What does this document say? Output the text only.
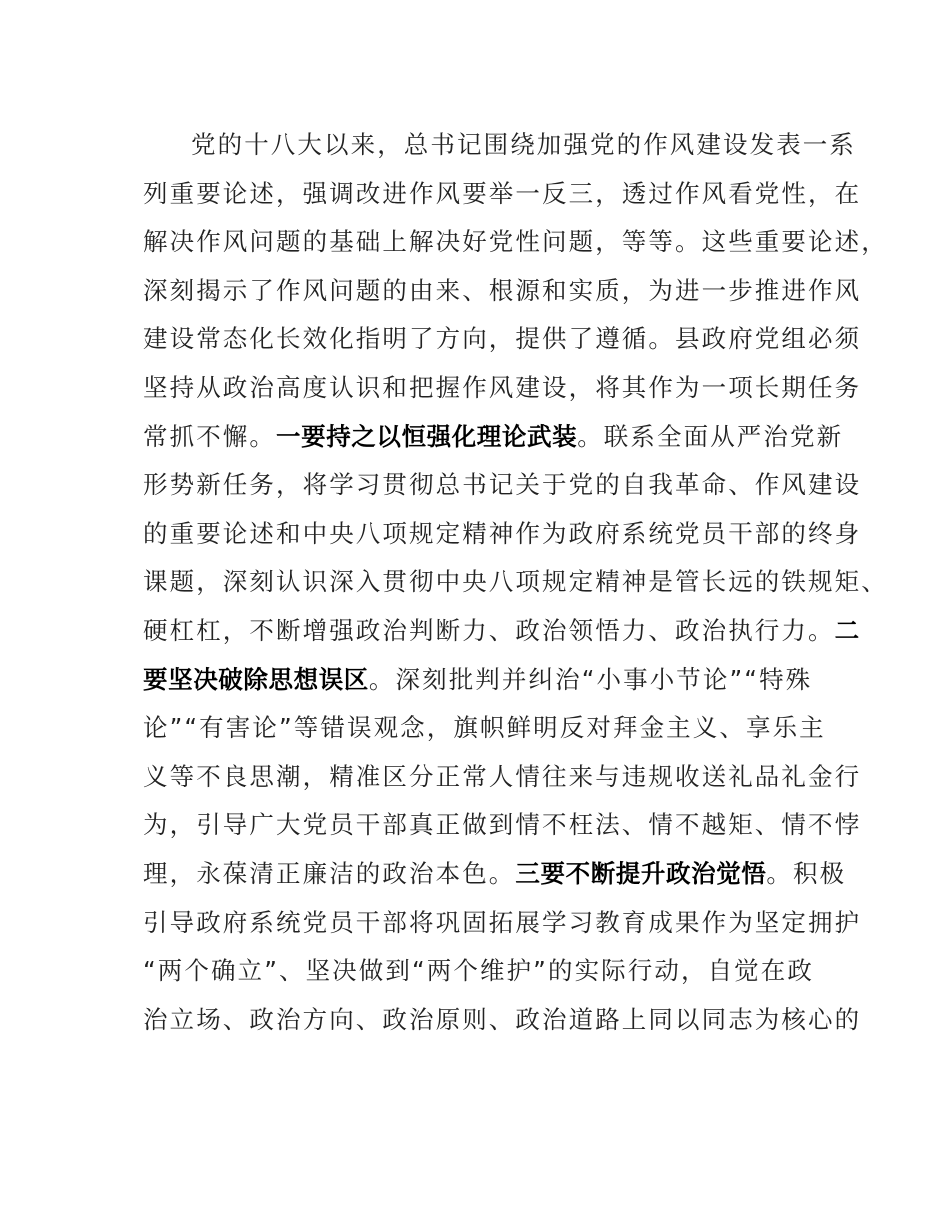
党的十八大以来，总书记围绕加强党的作风建设发表一系
列重要论述，强调改进作风要举一反三，透过作风看党性，在
解决作风问题的基础上解决好党性问题，等等。这些重要论述，
深刻揭示了作风问题的由来、根源和实质，为进一步推进作风
建设常态化长效化指明了方向，提供了遵循。县政府党组必须
坚持从政治高度认识和把握作风建设，将其作为一项长期任务
常抓不懈。一要持之以恒强化理论武装。联系全面从严治党新
形势新任务，将学习贯彻总书记关于党的自我革命、作风建设
的重要论述和中央八项规定精神作为政府系统党员干部的终身
课题，深刻认识深入贯彻中央八项规定精神是管长远的铁规矩、
硬杠杠，不断增强政治判断力、政治领悟力、政治执行力。二
要坚决破除思想误区。深刻批判并纠治“小事小节论”“特殊
论”“有害论”等错误观念，旗帜鲜明反对拜金主义、享乐主
义等不良思潮，精准区分正常人情往来与违规收送礼品礼金行
为，引导广大党员干部真正做到情不枉法、情不越矩、情不悖
理，永葆清正廉洁的政治本色。三要不断提升政治觉悟。积极
引导政府系统党员干部将巩固拓展学习教育成果作为坚定拥护
“两个确立”、坚决做到“两个维护”的实际行动，自觉在政
治立场、政治方向、政治原则、政治道路上同以同志为核心的
